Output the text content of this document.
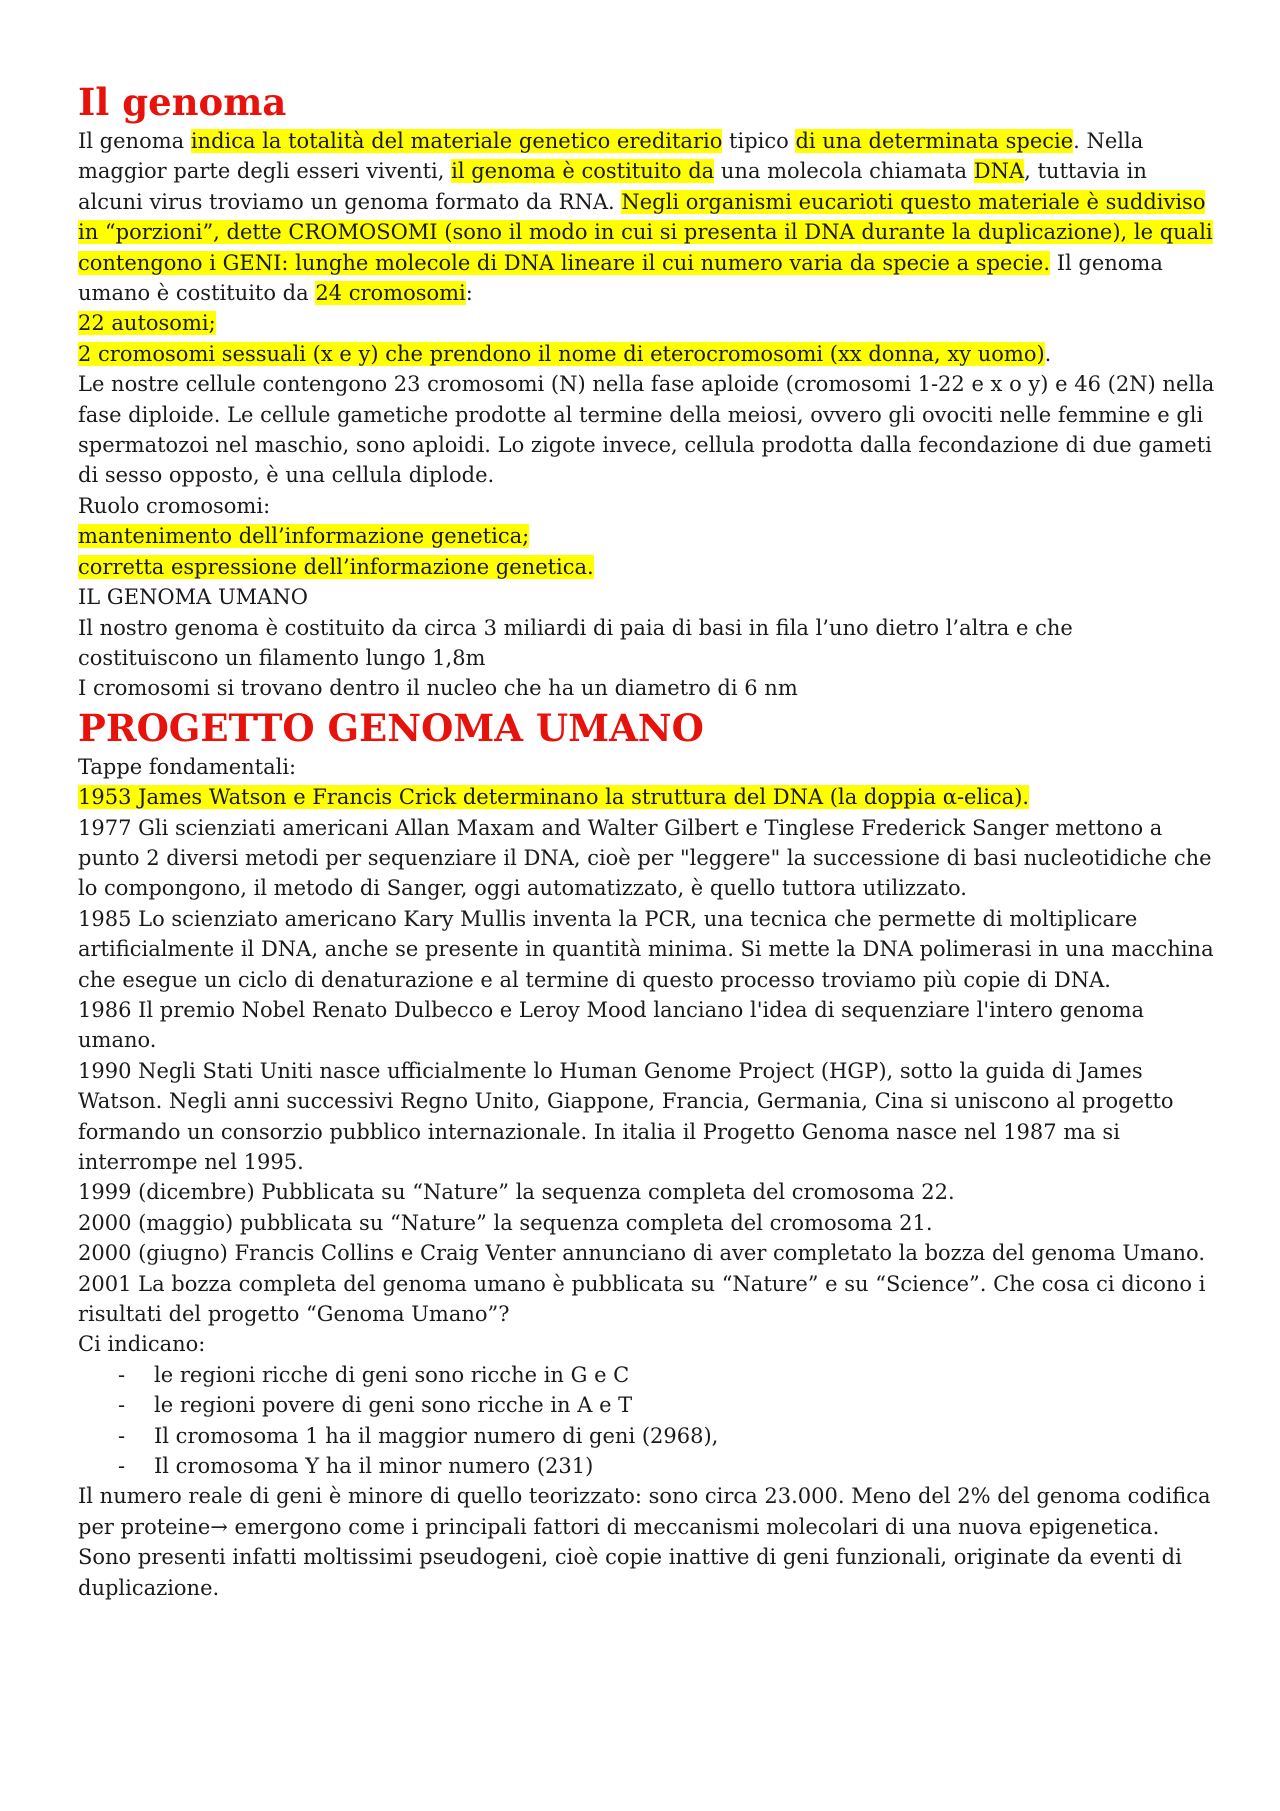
Il genoma

Il genoma indica la totalità del materiale genetico ereditario tipico di una determinata specie. Nella maggior parte degli esseri viventi, il genoma è costituito da una molecola chiamata DNA, tuttavia in alcuni virus troviamo un genoma formato da RNA. Negli organismi eucarioti questo materiale è suddiviso in “porzioni”, dette CROMOSOMI (sono il modo in cui si presenta il DNA durante la duplicazione), le quali contengono i GENI: lunghe molecole di DNA lineare il cui numero varia da specie a specie. Il genoma umano è costituito da 24 cromosomi:

22 autosomi;

2 cromosomi sessuali (x e y) che prendono il nome di eterocromosomi (xx donna, xy uomo).

Le nostre cellule contengono 23 cromosomi (N) nella fase aploide (cromosomi 1-22 e x o y) e 46 (2N) nella fase diploide. Le cellule gametiche prodotte al termine della meiosi, ovvero gli ovociti nelle femmine e gli spermatozoi nel maschio, sono aploidi. Lo zigote invece, cellula prodotta dalla fecondazione di due gameti di sesso opposto, è una cellula diplode.

Ruolo cromosomi:

mantenimento dell’informazione genetica;

corretta espressione dell’informazione genetica.

IL GENOMA UMANO

Il nostro genoma è costituito da circa 3 miliardi di paia di basi in fila l’uno dietro l’altra e che costituiscono un filamento lungo 1,8m

I cromosomi si trovano dentro il nucleo che ha un diametro di 6 nm

PROGETTO GENOMA UMANO

Tappe fondamentali:

1953 James Watson e Francis Crick determinano la struttura del DNA (la doppia α-elica).

1977 Gli scienziati americani Allan Maxam and Walter Gilbert e Tinglese Frederick Sanger mettono a punto 2 diversi metodi per sequenziare il DNA, cioè per "leggere" la successione di basi nucleotidiche che lo compongono, il metodo di Sanger, oggi automatizzato, è quello tuttora utilizzato.

1985 Lo scienziato americano Kary Mullis inventa la PCR, una tecnica che permette di moltiplicare artificialmente il DNA, anche se presente in quantità minima. Si mette la DNA polimerasi in una macchina che esegue un ciclo di denaturazione e al termine di questo processo troviamo più copie di DNA.

1986 Il premio Nobel Renato Dulbecco e Leroy Mood lanciano l'idea di sequenziare l'intero genoma umano.

1990 Negli Stati Uniti nasce ufficialmente lo Human Genome Project (HGP), sotto la guida di James Watson. Negli anni successivi Regno Unito, Giappone, Francia, Germania, Cina si uniscono al progetto formando un consorzio pubblico internazionale. In italia il Progetto Genoma nasce nel 1987 ma si interrompe nel 1995.

1999 (dicembre) Pubblicata su “Nature” la sequenza completa del cromosoma 22.

2000 (maggio) pubblicata su “Nature” la sequenza completa del cromosoma 21.

2000 (giugno) Francis Collins e Craig Venter annunciano di aver completato la bozza del genoma Umano.

2001 La bozza completa del genoma umano è pubblicata su “Nature” e su “Science”. Che cosa ci dicono i risultati del progetto “Genoma Umano”?

Ci indicano:

- le regioni ricche di geni sono ricche in G e C
- le regioni povere di geni sono ricche in A e T
- Il cromosoma 1 ha il maggior numero di geni (2968),
- Il cromosoma Y ha il minor numero (231)

Il numero reale di geni è minore di quello teorizzato: sono circa 23.000. Meno del 2% del genoma codifica per proteine→ emergono come i principali fattori di meccanismi molecolari di una nuova epigenetica. Sono presenti infatti moltissimi pseudogeni, cioè copie inattive di geni funzionali, originate da eventi di duplicazione.
